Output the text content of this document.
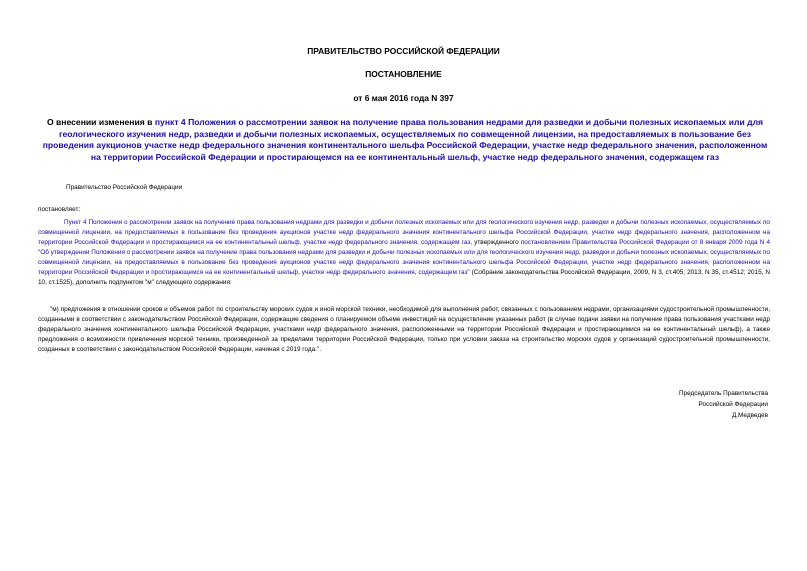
ПРАВИТЕЛЬСТВО РОССИЙСКОЙ ФЕДЕРАЦИИ
ПОСТАНОВЛЕНИЕ
от 6 мая 2016 года N 397
О внесении изменения в пункт 4 Положения о рассмотрении заявок на получение права пользования недрами для разведки и добычи полезных ископаемых или для геологического изучения недр, разведки и добычи полезных ископаемых, осуществляемых по совмещенной лицензии, на предоставляемых в пользование без проведения аукционов участке недр федерального значения континентального шельфа Российской Федерации, участке недр федерального значения, расположенном на территории Российской Федерации и простирающемся на ее континентальный шельф, участке недр федерального значения, содержащем газ
Правительство Российской Федерации
постановляет:
Пункт 4 Положения о рассмотрении заявок на получение права пользования недрами для разведки и добычи полезных ископаемых или для геологического изучения недр, разведки и добычи полезных ископаемых, осуществляемых по совмещенной лицензии, на предоставляемых в пользование без проведения аукционов участке недр федерального значения континентального шельфа Российской Федерации, участке недр федерального значения, расположенном на территории Российской Федерации и простирающемся на ее континентальный шельф, участке недр федерального значения, содержащем газ, утвержденного постановлением Правительства Российской Федерации от 8 января 2009 года N 4 "Об утверждении Положения о рассмотрении заявок на получение права пользования недрами для разведки и добычи полезных ископаемых или для геологического изучения недр, разведки и добычи полезных ископаемых, осуществляемых по совмещенной лицензии, на предоставляемых в пользование без проведения аукционов участке недр федерального значения континентального шельфа Российской Федерации, участке недр федерального значения, расположенном на территории Российской Федерации и простирающемся на ее континентальный шельф, участке недр федерального значения, содержащем газ" (Собрание законодательства Российской Федерации, 2009, N 3, ст.405; 2013, N 35, ст.4512; 2015, N 10, ст.1525), дополнить подпунктом "м" следующего содержания:
"м) предложения в отношении сроков и объемов работ по строительству морских судов и иной морской техники, необходимой для выполнения работ, связанных с пользованием недрами, организациями судостроительной промышленности, созданными в соответствии с законодательством Российской Федерации, содержащие сведения о планируемом объеме инвестиций на осуществление указанных работ (в случае подачи заявки на получение права пользования участками недр федерального значения континентального шельфа Российской Федерации, участками недр федерального значения, расположенными на территории Российской Федерации и простирающимися на ее континентальный шельф), а также предложения о возможности привлечения морской техники, произведенной за пределами территории Российской Федерации, только при условии заказа на строительство морских судов у организаций судостроительной промышленности, созданных в соответствии с законодательством Российской Федерации, начиная с 2019 года.".
Председатель Правительства
Российской Федерации
Д.Медведев
